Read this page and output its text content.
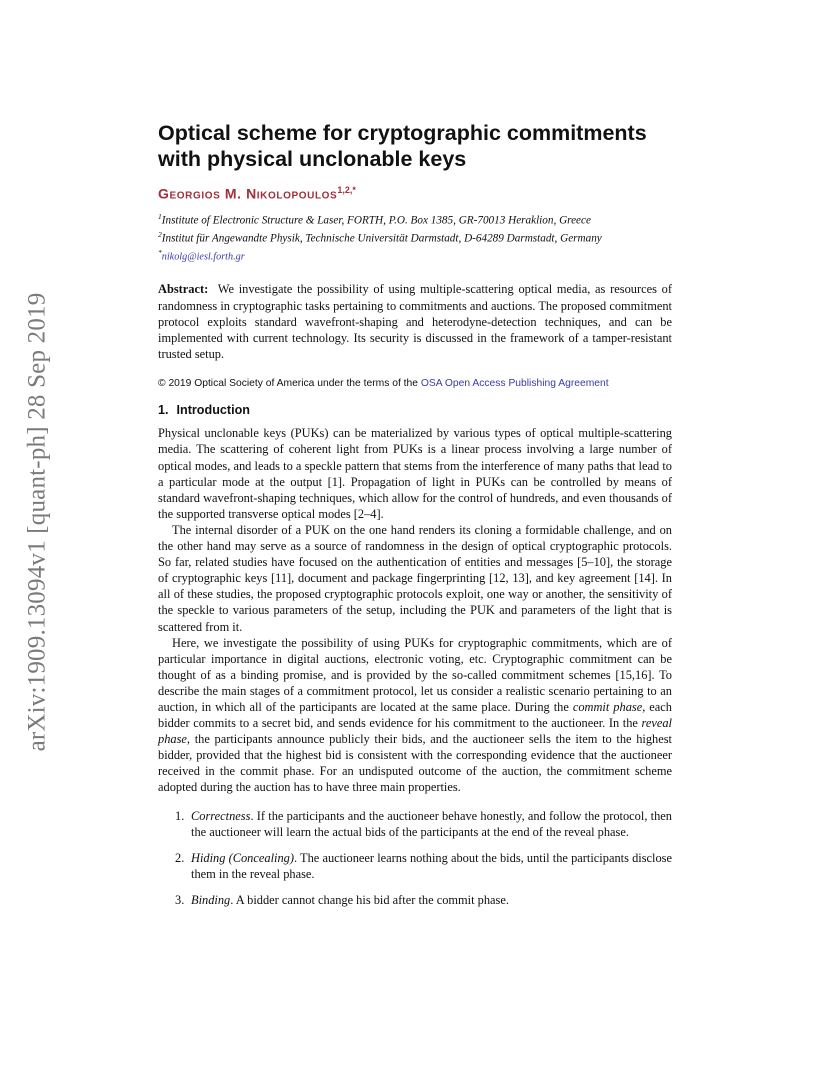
arXiv:1909.13094v1 [quant-ph] 28 Sep 2019
Optical scheme for cryptographic commitments
with physical unclonable keys
Georgios M. Nikolopoulos$^{1,2,*}$
$^1$Institute of Electronic Structure & Laser, FORTH, P.O. Box 1385, GR-70013 Heraklion, Greece
$^2$Institut für Angewandte Physik, Technische Universität Darmstadt, D-64289 Darmstadt, Germany
*nikolg@iesl.forth.gr
Abstract: We investigate the possibility of using multiple-scattering optical media, as resources of randomness in cryptographic tasks pertaining to commitments and auctions. The proposed commitment protocol exploits standard wavefront-shaping and heterodyne-detection techniques, and can be implemented with current technology. Its security is discussed in the framework of a tamper-resistant trusted setup.
© 2019 Optical Society of America under the terms of the OSA Open Access Publishing Agreement
1. Introduction

Physical unclonable keys (PUKs) can be materialized by various types of optical multiple-scattering media. The scattering of coherent light from PUKs is a linear process involving a large number of optical modes, and leads to a speckle pattern that stems from the interference of many paths that lead to a particular mode at the output [1]. Propagation of light in PUKs can be controlled by means of standard wavefront-shaping techniques, which allow for the control of hundreds, and even thousands of the supported transverse optical modes [2–4].

The internal disorder of a PUK on the one hand renders its cloning a formidable challenge, and on the other hand may serve as a source of randomness in the design of optical cryptographic protocols. So far, related studies have focused on the authentication of entities and messages [5–10], the storage of cryptographic keys [11], document and package fingerprinting [12, 13], and key agreement [14]. In all of these studies, the proposed cryptographic protocols exploit, one way or another, the sensitivity of the speckle to various parameters of the setup, including the PUK and parameters of the light that is scattered from it.

Here, we investigate the possibility of using PUKs for cryptographic commitments, which are of particular importance in digital auctions, electronic voting, etc. Cryptographic commitment can be thought of as a binding promise, and is provided by the so-called commitment schemes [15,16]. To describe the main stages of a commitment protocol, let us consider a realistic scenario pertaining to an auction, in which all of the participants are located at the same place. During the commit phase, each bidder commits to a secret bid, and sends evidence for his commitment to the auctioneer. In the reveal phase, the participants announce publicly their bids, and the auctioneer sells the item to the highest bidder, provided that the highest bid is consistent with the corresponding evidence that the auctioneer received in the commit phase. For an undisputed outcome of the auction, the commitment scheme adopted during the auction has to have three main properties.

1. Correctness. If the participants and the auctioneer behave honestly, and follow the protocol, then the auctioneer will learn the actual bids of the participants at the end of the reveal phase.
2. Hiding (Concealing). The auctioneer learns nothing about the bids, until the participants disclose them in the reveal phase.
3. Binding. A bidder cannot change his bid after the commit phase.
